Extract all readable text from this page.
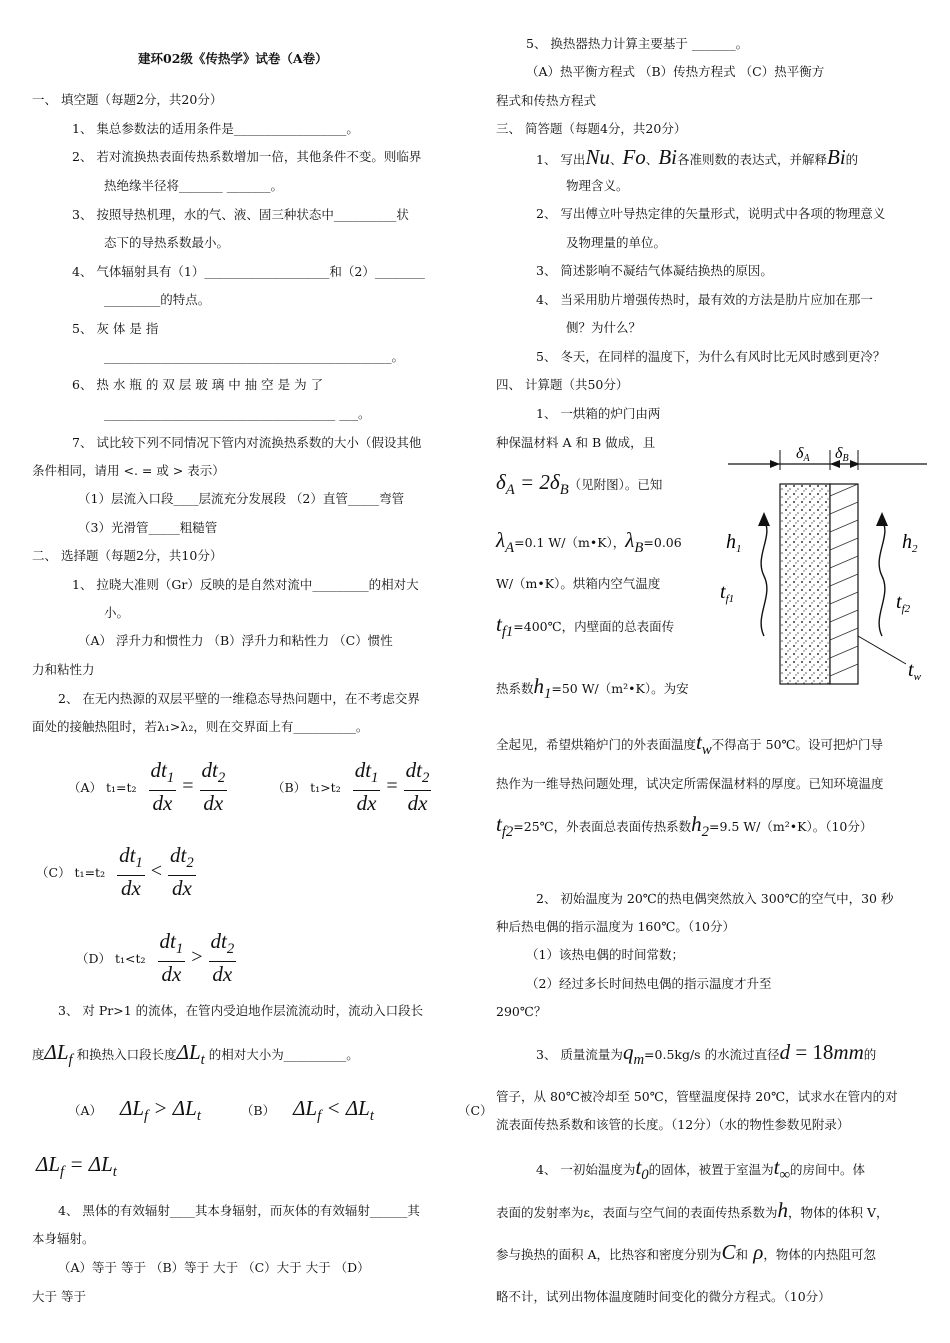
建环02级《传热学》试卷（A卷）
一、 填空题（每题2分，共20分）
1、 集总参数法的适用条件是__________________。
2、 若对流换热表面传热系数增加一倍，其他条件不变。则临界
热绝缘半径将_______ _______。
3、 按照导热机理，水的气、液、固三种状态中__________状
态下的导热系数最小。
4、 气体辐射具有（1）____________________和（2）________
_________的特点。
5、 灰 体 是 指
______________________________________________。
6、 热 水 瓶 的 双 层 玻 璃 中 抽 空 是 为 了
_____________________________________ ___。
7、 试比较下列不同情况下管内对流换热系数的大小（假设其他
条件相同，请用 <. = 或 > 表示）
（1）层流入口段____层流充分发展段 （2）直管_____弯管
（3）光滑管_____粗糙管
二、 选择题（每题2分，共10分）
1、 拉晓大准则（Gr）反映的是自然对流中_________的相对大
小。
（A） 浮升力和惯性力 （B）浮升力和粘性力 （C）惯性
力和粘性力
2、 在无内热源的双层平壁的一维稳态导热问题中，在不考虑交界
面处的接触热阻时，若λ₁>λ₂，则在交界面上有__________。
（A） $t_1=t_2 \frac{dt_1}{dx} = \frac{dt_2}{dx}$	（B） $t_1>t_2 \frac{dt_1}{dx} = \frac{dt_2}{dx}$
（C） $t_1=t_2 \frac{dt_1}{dx} < \frac{dt_2}{dx}$
（D） $t_1<t_2 \frac{dt_1}{dx} > \frac{dt_2}{dx}$
3、 对 Pr>1 的流体，在管内受迫地作层流流动时，流动入口段长
度$\Delta L_f$ 和换热入口段长度$\Delta L_t$ 的相对大小为__________。
（A） $\Delta L_f > \Delta L_t$	（B） $\Delta L_f < \Delta L_t$	（C）
$\Delta L_f = \Delta L_t$
4、 黑体的有效辐射____其本身辐射，而灰体的有效辐射______其
本身辐射。
（A）等于 等于 （B）等于 大于 （C）大于 大于 （D）
大于 等于
5、 换热器热力计算主要基于 _______。
（A）热平衡方程式 （B）传热方程式 （C）热平衡方
程式和传热方程式
三、 简答题（每题4分，共20分）
1、 写出Nu、Fo、Bi各准则数的表达式，并解释Bi的
物理含义。
2、 写出傅立叶导热定律的矢量形式，说明式中各项的物理意义
及物理量的单位。
3、 简述影响不凝结气体凝结换热的原因。
4、 当采用肋片增强传热时，最有效的方法是肋片应加在那一
侧？为什么？
5、 冬天，在同样的温度下，为什么有风时比无风时感到更冷？
四、 计算题（共50分）
1、 一烘箱的炉门由两
种保温材料 A 和 B 做成，且
$\delta_A = 2\delta_B$（见附图）。已知
$\lambda_A=0.1$ W/（m•K），$\lambda_B=0.06$
W/（m•K）。烘箱内空气温度
$t_{f1}=400℃$，内壁面的总表面传
热系数$h_1=50$ W/（m²•K）。为安
全起见，希望烘箱炉门的外表面温度$t_w$不得高于 50℃。设可把炉门导
热作为一维导热问题处理，试决定所需保温材料的厚度。已知环境温度
$t_{f2}=25℃$，外表面总表面传热系数$h_2=9.5$ W/（m²•K）。（10分）
2、 初始温度为 20℃的热电偶突然放入 300℃的空气中，30 秒
种后热电偶的指示温度为 160℃。（10分）
（1）该热电偶的时间常数；
（2）经过多长时间热电偶的指示温度才升至
290℃？
3、 质量流量为$q_m=0.5kg/s$ 的水流过直径d = 18mm的
管子，从 80℃被冷却至 50℃，管壁温度保持 20℃，试求水在管内的对
流表面传热系数和该管的长度。（12分）（水的物性参数见附录）
4、 一初始温度为$t_0$的固体，被置于室温为$t_\infty$的房间中。体
表面的发射率为ε，表面与空气间的表面传热系数为h，物体的体积 V，
参与换热的面积 A，比热容和密度分别为C和 ρ，物体的内热阻可忽
略不计，试列出物体温度随时间变化的微分方程式。（10分）
δA δB
$h_1$
$t_{f1}$
$h_2$
$t_{f2}$
$t_w$
